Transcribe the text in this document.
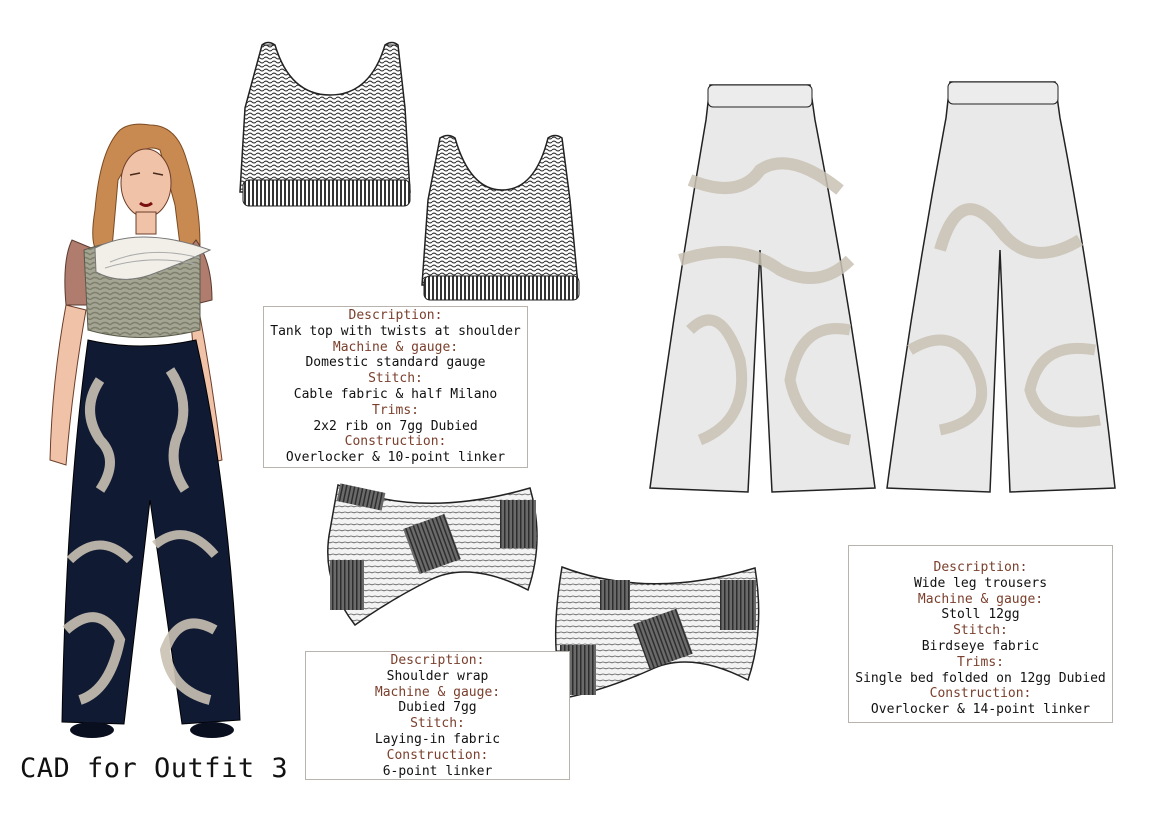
Description:
Tank top with twists at shoulder
Machine & gauge:
Domestic standard gauge
Stitch:
Cable fabric & half Milano
Trims:
2x2 rib on 7gg Dubied
Construction:
Overlocker & 10-point linker
Description:
Shoulder wrap
Machine & gauge:
Dubied 7gg
Stitch:
Laying-in fabric
Construction:
6-point linker
Description:
Wide leg trousers
Machine & gauge:
Stoll 12gg
Stitch:
Birdseye fabric
Trims:
Single bed folded on 12gg Dubied
Construction:
Overlocker & 14-point linker
CAD for Outfit 3
